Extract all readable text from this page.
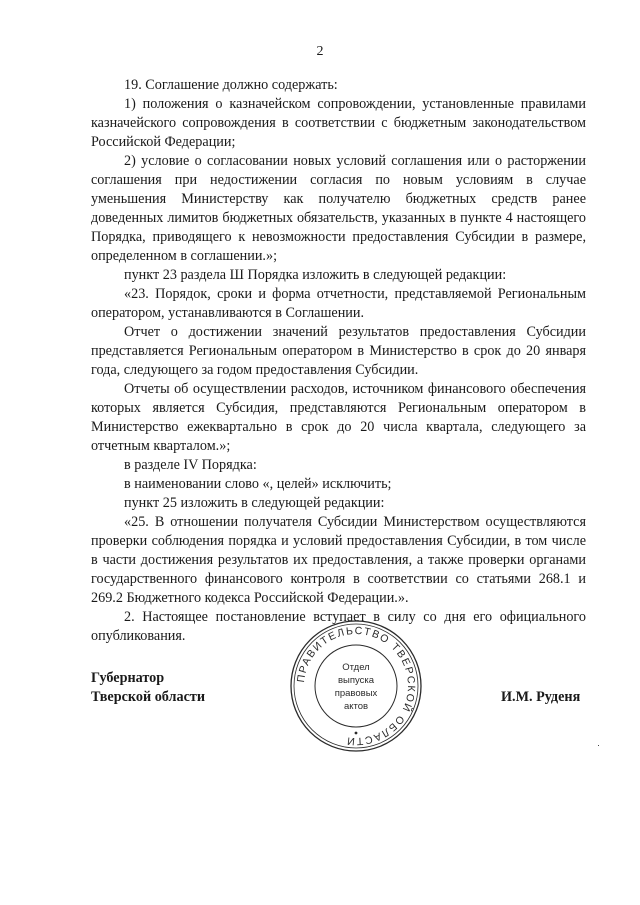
2

19. Соглашение должно содержать:

1) положения о казначейском сопровождении, установленные правилами казначейского сопровождения в соответствии с бюджетным законодательством Российской Федерации;

2) условие о согласовании новых условий соглашения или о расторжении соглашения при недостижении согласия по новым условиям в случае уменьшения Министерству как получателю бюджетных средств ранее доведенных лимитов бюджетных обязательств, указанных в пункте 4 настоящего Порядка, приводящего к невозможности предоставления Субсидии в размере, определенном в соглашении.»;

пункт 23 раздела Ш Порядка изложить в следующей редакции:

«23. Порядок, сроки и форма отчетности, представляемой Региональным оператором, устанавливаются в Соглашении.

Отчет о достижении значений результатов предоставления Субсидии представляется Региональным оператором в Министерство в срок до 20 января года, следующего за годом предоставления Субсидии.

Отчеты об осуществлении расходов, источником финансового обеспечения которых является Субсидия, представляются Региональным оператором в Министерство ежеквартально в срок до 20 числа квартала, следующего за отчетным кварталом.»;

в разделе IV Порядка:

в наименовании слово «, целей» исключить;

пункт 25 изложить в следующей редакции:

«25. В отношении получателя Субсидии Министерством осуществляются проверки соблюдения порядка и условий предоставления Субсидии, в том числе в части достижения результатов их предоставления, а также проверки органами государственного финансового контроля в соответствии со статьями 268.1 и 269.2 Бюджетного кодекса Российской Федерации.».

2. Настоящее постановление вступает в силу со дня его официального опубликования.

Губернатор
Тверской области	И.М. Руденя
ПРАВИТЕЛЬСТВО ТВЕРСКОЙ ОБЛАСТИ
Отдел
выпуска
правовых
актов
